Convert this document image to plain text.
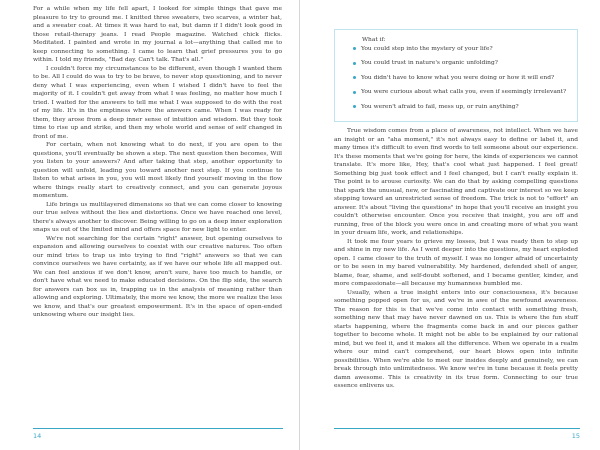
For a while when my life fell apart, I looked for simple things that gave me pleasure to try to ground me. I knitted three sweaters, two scarves, a winter hat, and a sweater coat. At times it was hard to eat, but damn if I didn't look good in those retail-therapy jeans. I read People magazine. Watched chick flicks. Meditated. I painted and wrote in my journal a lot—anything that called me to keep connecting to something. I came to learn that grief pressures you to go within. I told my friends, "Bad day. Can't talk. That's all."

I couldn't force my circumstances to be different, even though I wanted them to be. All I could do was to try to be brave, to never stop questioning, and to never deny what I was experiencing, even when I wished I didn't have to feel the majority of it. I couldn't get away from what I was feeling, no matter how much I tried. I waited for the answers to tell me what I was supposed to do with the rest of my life. It's in the emptiness where the answers came. When I was ready for them, they arose from a deep inner sense of intuition and wisdom. But they took time to rise up and strike, and then my whole world and sense of self changed in front of me.

For certain, when not knowing what to do next, if you are open to the questions, you'll eventually be shown a step. The next question then becomes, Will you listen to your answers? And after taking that step, another opportunity to question will unfold, leading you toward another next step. If you continue to listen to what arises in you, you will most likely find yourself moving in the flow where things really start to creatively connect, and you can generate joyous momentum.

Life brings us multilayered dimensions so that we can come closer to knowing our true selves without the lies and distortions. Once we have reached one level, there's always another to discover. Being willing to go on a deep inner exploration snaps us out of the limited mind and offers space for new light to enter.

We're not searching for the certain "right" answer, but opening ourselves to expansion and allowing ourselves to coexist with our creative natures. Too often our mind tries to trap us into trying to find "right" answers so that we can convince ourselves we have certainty, as if we have our whole life all mapped out. We can feel anxious if we don't know, aren't sure, have too much to handle, or don't have what we need to make educated decisions. On the flip side, the search for answers can box us in, trapping us in the analysis of meaning rather than allowing and exploring. Ultimately, the more we know, the more we realize the less we know, and that's our greatest empowerment. It's in the space of open-ended unknowing where our insight lies.

14

What if:

You could step into the mystery of your life?
You could trust in nature's organic unfolding?
You didn't have to know what you were doing or how it will end?
You were curious about what calls you, even if seemingly irrelevant?
You weren't afraid to fail, mess up, or ruin anything?

True wisdom comes from a place of awareness, not intellect. When we have an insight or an "aha moment," it's not always easy to define or label it, and many times it's difficult to even find words to tell someone about our experience. It's these moments that we're going for here, the kinds of experiences we cannot translate. It's more like, Hey, that's cool what just happened. I feel great! Something big just took effect and I feel changed, but I can't really explain it. The point is to arouse curiosity. We can do that by asking compelling questions that spark the unusual, new, or fascinating and captivate our interest so we keep stepping toward an unrestricted sense of freedom. The trick is not to "effort" an answer. It's about "living the questions" in hope that you'll receive an insight you couldn't otherwise encounter. Once you receive that insight, you are off and running, free of the block you were once in and creating more of what you want in your dream life, work, and relationships.

It took me four years to grieve my losses, but I was ready then to step up and shine in my new life. As I went deeper into the questions, my heart exploded open. I came closer to the truth of myself. I was no longer afraid of uncertainty or to be seen in my bared vulnerability. My hardened, defended shell of anger, blame, fear, shame, and self-doubt softened, and I became gentler, kinder, and more compassionate—all because my humanness humbled me.

Usually, when a true insight enters into our consciousness, it's because something popped open for us, and we're in awe of the newfound awareness. The reason for this is that we've come into contact with something fresh, something new that may have never dawned on us. This is where the fun stuff starts happening, where the fragments come back in and our pieces gather together to become whole. It might not be able to be explained by our rational mind, but we feel it, and it makes all the difference. When we operate in a realm where our mind can't comprehend, our heart blows open into infinite possibilities. When we're able to meet our insides deeply and genuinely, we can break through into unlimitedness. We know we're in tune because it feels pretty damn awesome. This is creativity in its true form. Connecting to our true essence enlivens us.

15
